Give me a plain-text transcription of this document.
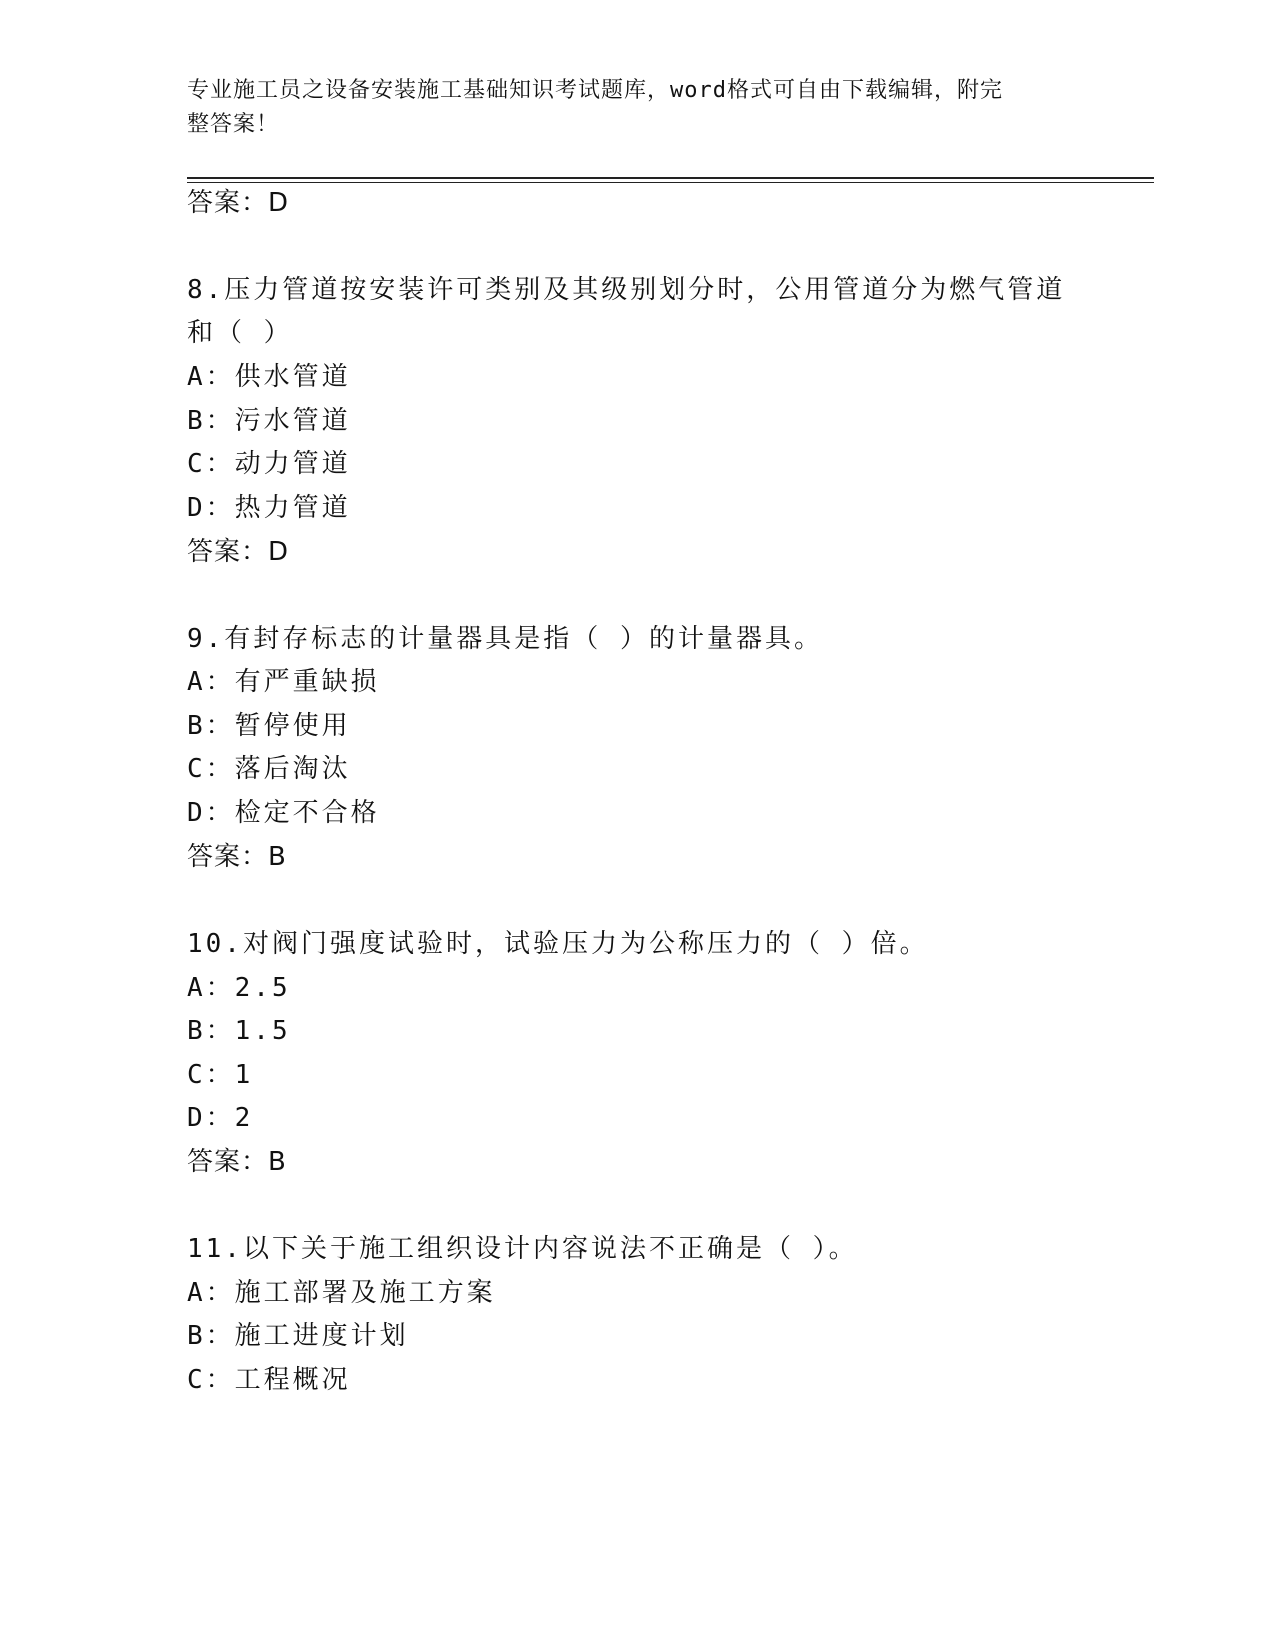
专业施工员之设备安装施工基础知识考试题库，word格式可自由下载编辑，附完
整答案！
答案：D
8.压力管道按安装许可类别及其级别划分时，公用管道分为燃气管道
和（ ）
A：供水管道
B：污水管道
C：动力管道
D：热力管道
答案：D
9.有封存标志的计量器具是指（ ）的计量器具。
A：有严重缺损
B：暂停使用
C：落后淘汰
D：检定不合格
答案：B
10.对阀门强度试验时，试验压力为公称压力的（ ）倍。
A：2.5
B：1.5
C：1
D：2
答案：B
11.以下关于施工组织设计内容说法不正确是（ ）。
A：施工部署及施工方案
B：施工进度计划
C：工程概况
